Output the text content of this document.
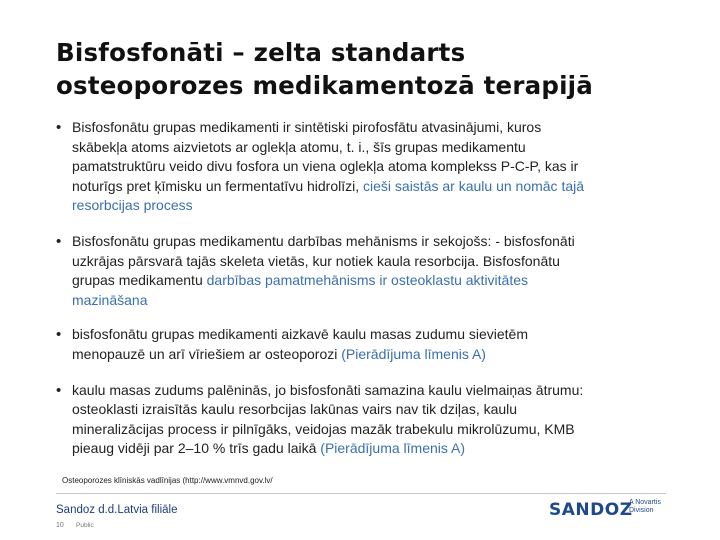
Bisfosfonāti – zelta standarts
osteoporozes medikamentozā terapijā
• Bisfosfonātu grupas medikamenti ir sintētiski pirofosfātu atvasinājumi, kuros
skābekļa atoms aizvietots ar oglekļa atomu, t. i., šīs grupas medikamentu
pamatstruktūru veido divu fosfora un viena oglekļa atoma komplekss P-C-P, kas ir
noturīgs pret ķīmisku un fermentatīvu hidrolīzi, cieši saistās ar kaulu un nomāc tajā
resorbcijas process
• Bisfosfonātu grupas medikamentu darbības mehānisms ir sekojošs: - bisfosfonāti
uzkrājas pārsvarā tajās skeleta vietās, kur notiek kaula resorbcija. Bisfosfonātu
grupas medikamentu darbības pamatmehānisms ir osteoklastu aktivitātes
mazināšana
• bisfosfonātu grupas medikamenti aizkavē kaulu masas zudumu sievietēm
menopauzē un arī vīriešiem ar osteoporozi (Pierādījuma līmenis A)
• kaulu masas zudums palēninās, jo bisfosfonāti samazina kaulu vielmaiņas ātrumu:
osteoklasti izraisītās kaulu resorbcijas lakūnas vairs nav tik dziļas, kaulu
mineralizācijas process ir pilnīgāks, veidojas mazāk trabekulu mikrolūzumu, KMB
pieaug vidēji par 2–10 % trīs gadu laikā (Pierādījuma līmenis A)
Osteoporozes klīniskās vadlīnijas (http://www.vmnvd.gov.lv/
Sandoz d.d.Latvia filiāle
10 Public
SANDOZ
A Novartis
Division
